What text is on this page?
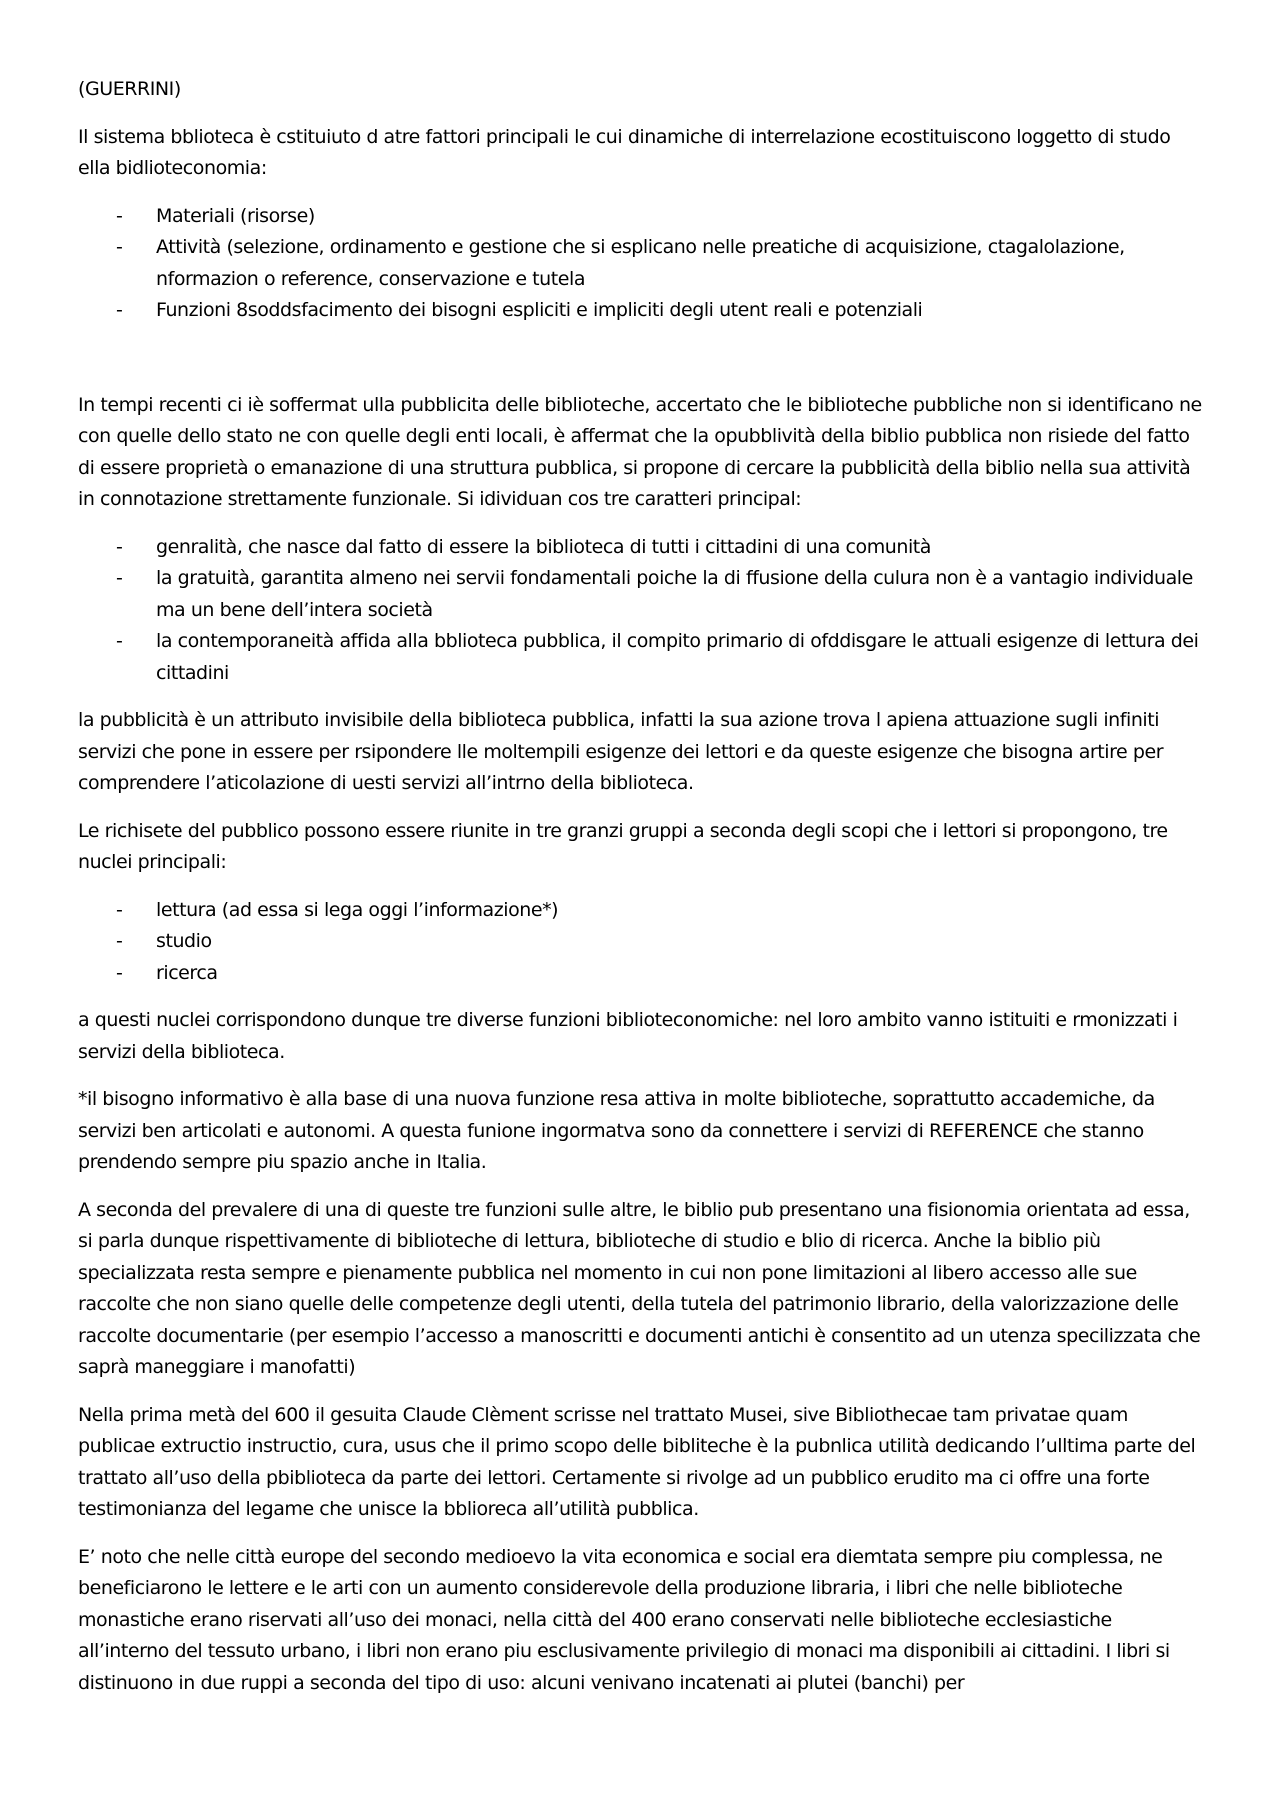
(GUERRINI)

Il sistema bblioteca è cstituiuto d atre fattori principali le cui dinamiche di interrelazione ecostituiscono loggetto di studo ella bidlioteconomia:

- Materiali (risorse)
- Attività (selezione, ordinamento e gestione che si esplicano nelle preatiche di acquisizione, ctagalolazione, nformazion o reference, conservazione e tutela
- Funzioni 8soddsfacimento dei bisogni espliciti e impliciti degli utent reali e potenziali

In tempi recenti ci iè soffermat ulla pubblicita delle biblioteche, accertato che le biblioteche pubbliche non si identificano ne con quelle dello stato ne con quelle degli enti locali, è affermat che la opubblività della biblio pubblica non risiede del fatto di essere proprietà o emanazione di una struttura pubblica, si propone di cercare la pubblicità della biblio nella sua attività in connotazione strettamente funzionale. Si idividuan cos tre caratteri principal:

- genralità, che nasce dal fatto di essere la biblioteca di tutti i cittadini di una comunità
- la gratuità, garantita almeno nei servii fondamentali poiche la di ffusione della culura non è a vantagio individuale ma un bene dell’intera società
- la contemporaneità affida alla bblioteca pubblica, il compito primario di ofddisgare le attuali esigenze di lettura dei cittadini

la pubblicità è un attributo invisibile della biblioteca pubblica, infatti la sua azione trova l apiena attuazione sugli infiniti servizi che pone in essere per rsipondere lle moltempili esigenze dei lettori e da queste esigenze che bisogna artire per comprendere l’aticolazione di uesti servizi all’intrno della biblioteca.

Le richisete del pubblico possono essere riunite in tre granzi gruppi a seconda degli scopi che i lettori si propongono, tre nuclei principali:

- lettura (ad essa si lega oggi l’informazione*)
- studio
- ricerca

a questi nuclei corrispondono dunque tre diverse funzioni biblioteconomiche: nel loro ambito vanno istituiti e rmonizzati i servizi della biblioteca.

*il bisogno informativo è alla base di una nuova funzione resa attiva in molte biblioteche, soprattutto accademiche, da servizi ben articolati e autonomi. A questa funione ingormatva sono da connettere i servizi di REFERENCE che stanno prendendo sempre piu spazio anche in Italia.

A seconda del prevalere di una di queste tre funzioni sulle altre, le biblio pub presentano una fisionomia orientata ad essa, si parla dunque rispettivamente di biblioteche di lettura, biblioteche di studio e blio di ricerca. Anche la biblio più specializzata resta sempre e pienamente pubblica nel momento in cui non pone limitazioni al libero accesso alle sue raccolte che non siano quelle delle competenze degli utenti, della tutela del patrimonio librario, della valorizzazione delle raccolte documentarie (per esempio l’accesso a manoscritti e documenti antichi è consentito ad un utenza specilizzata che saprà maneggiare i manofatti)

Nella prima metà del 600 il gesuita Claude Clèment scrisse nel trattato Musei, sive Bibliothecae tam privatae quam publicae extructio instructio, cura, usus che il primo scopo delle bibliteche è la pubnlica utilità dedicando l’ulltima parte del trattato all’uso della pbiblioteca da parte dei lettori. Certamente si rivolge ad un pubblico erudito ma ci offre una forte testimonianza del legame che unisce la bblioreca all’utilità pubblica.

E’ noto che nelle città europe del secondo medioevo la vita economica e social era diemtata sempre piu complessa, ne beneficiarono le lettere e le arti con un aumento considerevole della produzione libraria, i libri che nelle biblioteche monastiche erano riservati all’uso dei monaci, nella città del 400 erano conservati nelle biblioteche ecclesiastiche all’interno del tessuto urbano, i libri non erano piu esclusivamente privilegio di monaci ma disponibili ai cittadini. I libri si distinuono in due ruppi a seconda del tipo di uso: alcuni venivano incatenati ai plutei (banchi) per
